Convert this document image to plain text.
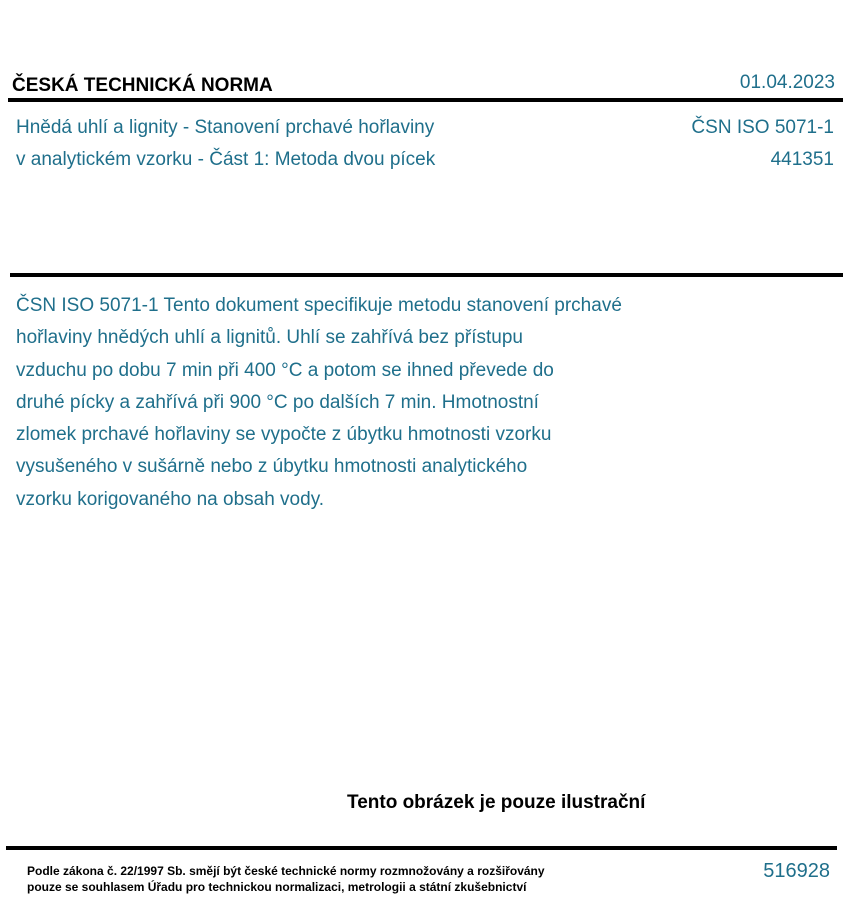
ČESKÁ TECHNICKÁ NORMA	01.04.2023
Hnědá uhlí a lignity - Stanovení prchavé hořlaviny
v analytickém vzorku - Část 1: Metoda dvou pícek
ČSN ISO 5071-1
441351
ČSN ISO 5071-1 Tento dokument specifikuje metodu stanovení prchavé
hořlaviny hnědých uhlí a lignitů. Uhlí se zahřívá bez přístupu
vzduchu po dobu 7 min při 400 °C a potom se ihned převede do
druhé pícky a zahřívá při 900 °C po dalších 7 min. Hmotnostní
zlomek prchavé hořlaviny se vypočte z úbytku hmotnosti vzorku
vysušeného v sušárně nebo z úbytku hmotnosti analytického
vzorku korigovaného na obsah vody.
Tento obrázek je pouze ilustrační
Podle zákona č. 22/1997 Sb. smějí být české technické normy rozmnožovány a rozšiřovány
pouze se souhlasem Úřadu pro technickou normalizaci, metrologii a státní zkušebnictví
516928
